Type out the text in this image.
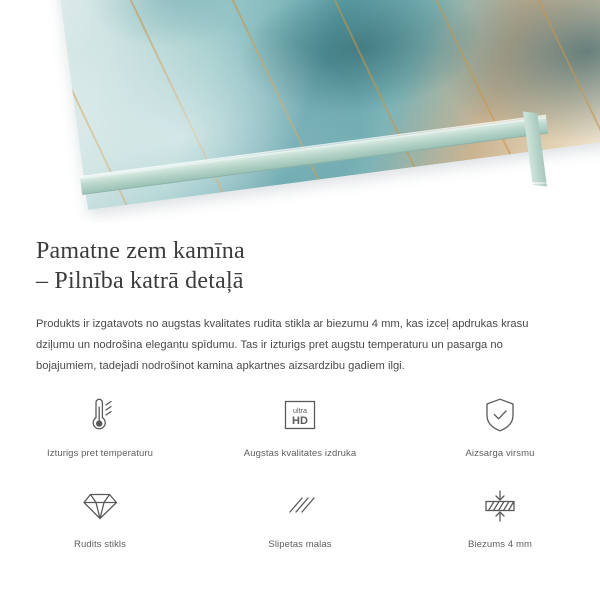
Pamatne zem kamīna
– Pilnība katrā detaļā

Produkts ir izgatavots no augstas kvalitates rudita stikla ar biezumu 4 mm, kas izceļ apdrukas krasu dziļumu un nodrošina elegantu spīdumu. Tas ir izturigs pret augstu temperaturu un pasarga no bojajumiem, tadejadi nodrošinot kamina apkartnes aizsardzibu gadiem ilgi.

Izturigs pret temperaturu
ultra
HD
Augstas kvalitates izdruka	Aizsarga virsmu
Rudits stikls	Slipetas malas	Biezums 4 mm
